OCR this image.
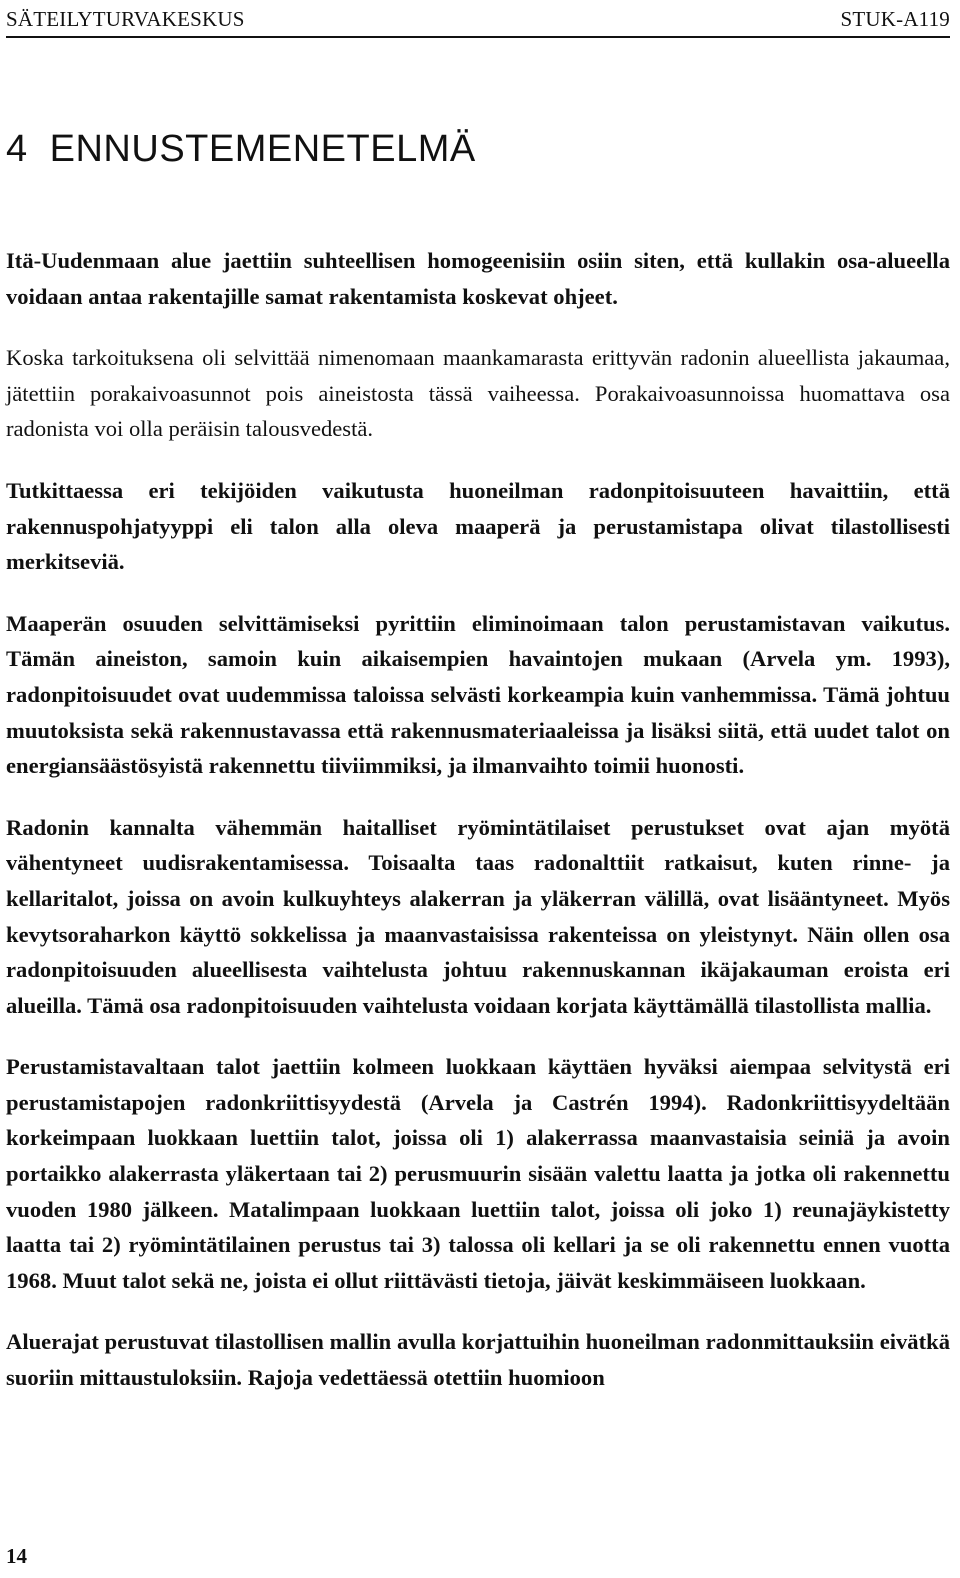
SÄTEILYTURVAKESKUS	STUK-A119
4 ENNUSTEMENETELMÄ

Itä-Uudenmaan alue jaettiin suhteellisen homogeenisiin osiin siten, että kullakin osa-alueella voidaan antaa rakentajille samat rakentamista koskevat ohjeet.

Koska tarkoituksena oli selvittää nimenomaan maankamarasta erittyvän radonin alueellista jakaumaa, jätettiin porakaivoasunnot pois aineistosta tässä vaiheessa. Porakaivoasunnoissa huomattava osa radonista voi olla peräisin talousvedestä.

Tutkittaessa eri tekijöiden vaikutusta huoneilman radonpitoisuuteen havaittiin, että rakennuspohjatyyppi eli talon alla oleva maaperä ja perustamistapa olivat tilastollisesti merkitseviä.

Maaperän osuuden selvittämiseksi pyrittiin eliminoimaan talon perustamistavan vaikutus. Tämän aineiston, samoin kuin aikaisempien havaintojen mukaan (Arvela ym. 1993), radonpitoisuudet ovat uudemmissa taloissa selvästi korkeampia kuin vanhemmissa. Tämä johtuu muutoksista sekä rakennustavassa että rakennusmateriaaleissa ja lisäksi siitä, että uudet talot on energiansäästösyistä rakennettu tiiviimmiksi, ja ilmanvaihto toimii huonosti.

Radonin kannalta vähemmän haitalliset ryömintätilaiset perustukset ovat ajan myötä vähentyneet uudisrakentamisessa. Toisaalta taas radonalttiit ratkaisut, kuten rinne- ja kellaritalot, joissa on avoin kulkuyhteys alakerran ja yläkerran välillä, ovat lisääntyneet. Myös kevytsoraharkon käyttö sokkelissa ja maanvastaisissa rakenteissa on yleistynyt. Näin ollen osa radonpitoisuuden alueellisesta vaihtelusta johtuu rakennuskannan ikäjakauman eroista eri alueilla. Tämä osa radonpitoisuuden vaihtelusta voidaan korjata käyttämällä tilastollista mallia.

Perustamistavaltaan talot jaettiin kolmeen luokkaan käyttäen hyväksi aiempaa selvitystä eri perustamistapojen radonkriittisyydestä (Arvela ja Castrén 1994). Radonkriittisyydeltään korkeimpaan luokkaan luettiin talot, joissa oli 1) alakerrassa maanvastaisia seiniä ja avoin portaikko alakerrasta yläkertaan tai 2) perusmuurin sisään valettu laatta ja jotka oli rakennettu vuoden 1980 jälkeen. Matalimpaan luokkaan luettiin talot, joissa oli joko 1) reunajäykistetty laatta tai 2) ryömintätilainen perustus tai 3) talossa oli kellari ja se oli rakennettu ennen vuotta 1968. Muut talot sekä ne, joista ei ollut riittävästi tietoja, jäivät keskimmäiseen luokkaan.

Aluerajat perustuvat tilastollisen mallin avulla korjattuihin huoneilman radonmittauksiin eivätkä suoriin mittaustuloksiin. Rajoja vedettäessä otettiin huomioon

14
